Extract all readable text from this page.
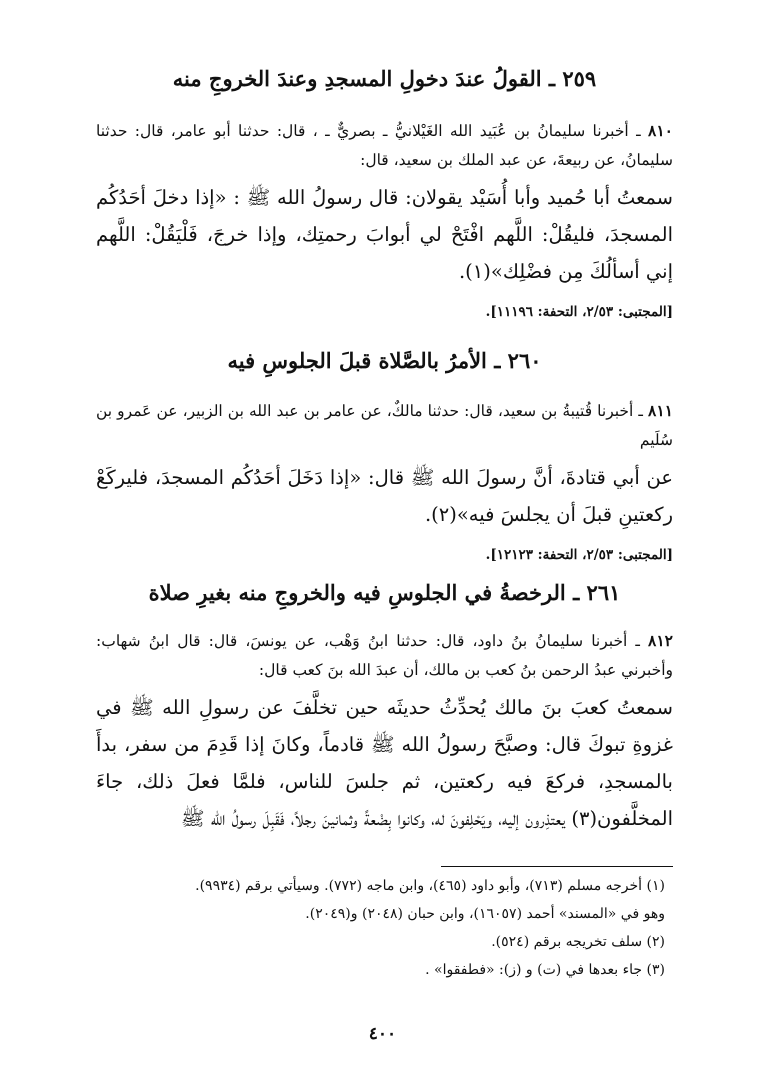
٢٥٩ ـ القولُ عندَ دخولِ المسجدِ وعندَ الخروجِ منه

٨١٠ ـ أخبرنا سليمانُ بن عُبَيد الله الغَيْلانيُّ ـ بصريٌّ ـ ، قال: حدثنا أبو عامر، قال: حدثنا سليمانُ، عن ربيعةَ، عن عبد الملك بن سعيد، قال:

سمعتُ أبا حُميد وأبا أُسَيْد يقولان: قال رسولُ الله ﷺ : «إذا دخلَ أحَدُكُم المسجدَ، فليقُلْ: اللَّهم افْتَحْ لي أبوابَ رحمتِك، وإذا خرجَ، فَلْيَقُلْ: اللَّهم إني أسألُكَ مِن فضْلِك»(١).

[المجتبى: ٢/٥٣، التحفة: ١١١٩٦].

٢٦٠ ـ الأمرُ بالصَّلاة قبلَ الجلوسِ فيه

٨١١ ـ أخبرنا قُتيبةُ بن سعيد، قال: حدثنا مالكٌ، عن عامر بن عبد الله بن الزبير، عن عَمرو بن سُلَيم

عن أبي قتادةَ، أنَّ رسولَ الله ﷺ قال: «إذا دَخَلَ أحَدُكُم المسجدَ، فليركَعْ ركعتينِ قبلَ أن يجلسَ فيه»(٢).

[المجتبى: ٢/٥٣، التحفة: ١٢١٢٣].

٢٦١ ـ الرخصةُ في الجلوسِ فيه والخروجِ منه بغيرِ صلاة

٨١٢ ـ أخبرنا سليمانُ بنُ داود، قال: حدثنا ابنُ وَهْب، عن يونسَ، قال: قال ابنُ شهاب: وأخبرني عبدُ الرحمن بنُ كعب بن مالك، أن عبدَ الله بنَ كعب قال:

سمعتُ كعبَ بنَ مالك يُحدِّثُ حديثَه حين تخلَّفَ عن رسولِ الله ﷺ في غزوةِ تبوكَ قال: وصبَّحَ رسولُ الله ﷺ قادماً، وكانَ إذا قَدِمَ من سفر، بدأَ بالمسجدِ، فركعَ فيه ركعتين، ثم جلسَ للناس، فلمَّا فعلَ ذلك، جاءَ المخلَّفون(٣) يعتذِرون إليه، ويَحْلِفونَ له، وكانوا بِضْعةً وثمانينَ رجلاً، فَقَبِلَ رسولُ الله ﷺ

(١) أخرجه مسلم (٧١٣)، وأبو داود (٤٦٥)، وابن ماجه (٧٧٢). وسيأتي برقم (٩٩٣٤).

وهو في «المسند» أحمد (١٦٠٥٧)، وابن حبان (٢٠٤٨) و(٢٠٤٩).

(٢) سلف تخريجه برقم (٥٢٤).

(٣) جاء بعدها في (ت) و (ز): «فطفقوا» .

٤٠٠
